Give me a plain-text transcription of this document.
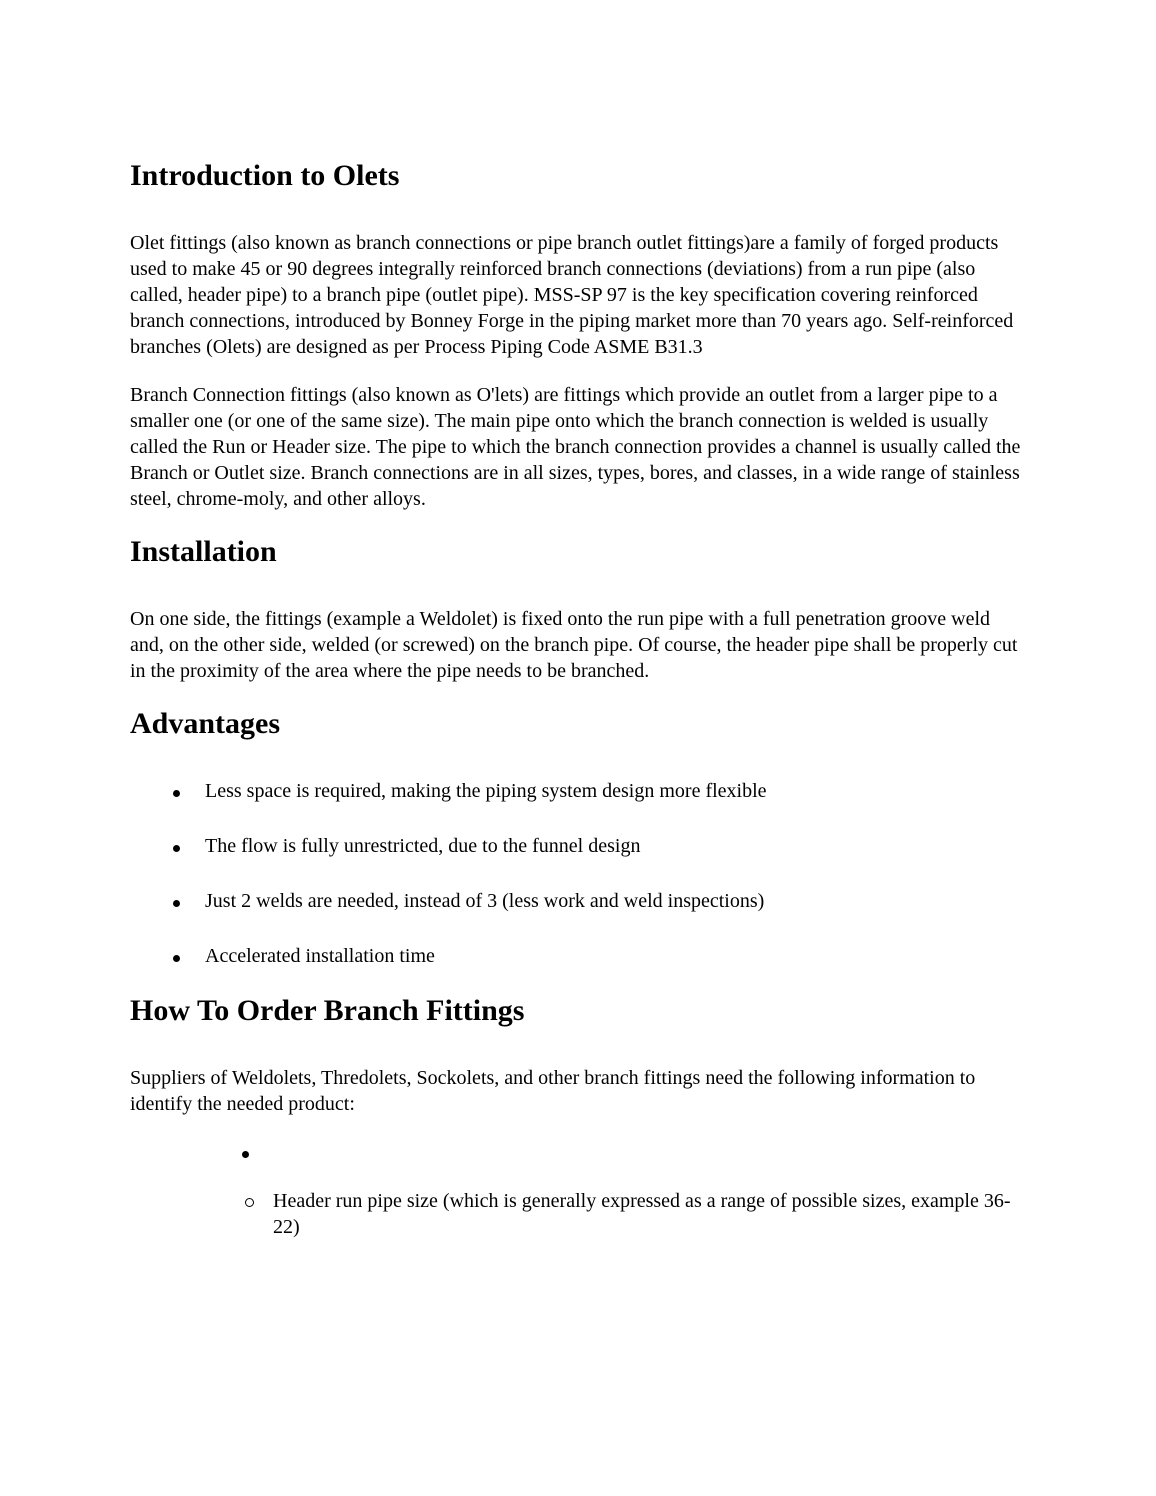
Introduction to Olets

Olet fittings (also known as branch connections or pipe branch outlet fittings)are a family of forged products used to make 45 or 90 degrees integrally reinforced branch connections (deviations) from a run pipe (also called, header pipe) to a branch pipe (outlet pipe). MSS-SP 97 is the key specification covering reinforced branch connections, introduced by Bonney Forge in the piping market more than 70 years ago. Self-reinforced branches (Olets) are designed as per Process Piping Code ASME B31.3

Branch Connection fittings (also known as O'lets) are fittings which provide an outlet from a larger pipe to a smaller one (or one of the same size). The main pipe onto which the branch connection is welded is usually called the Run or Header size. The pipe to which the branch connection provides a channel is usually called the Branch or Outlet size. Branch connections are in all sizes, types, bores, and classes, in a wide range of stainless steel, chrome-moly, and other alloys.

Installation

On one side, the fittings (example a Weldolet) is fixed onto the run pipe with a full penetration groove weld and, on the other side, welded (or screwed) on the branch pipe. Of course, the header pipe shall be properly cut in the proximity of the area where the pipe needs to be branched.

Advantages
Less space is required, making the piping system design more flexible
The flow is fully unrestricted, due to the funnel design
Just 2 welds are needed, instead of 3 (less work and weld inspections)
Accelerated installation time
How To Order Branch Fittings

Suppliers of Weldolets, Thredolets, Sockolets, and other branch fittings need the following information to identify the needed product:

Header run pipe size (which is generally expressed as a range of possible sizes, example 36-22)
